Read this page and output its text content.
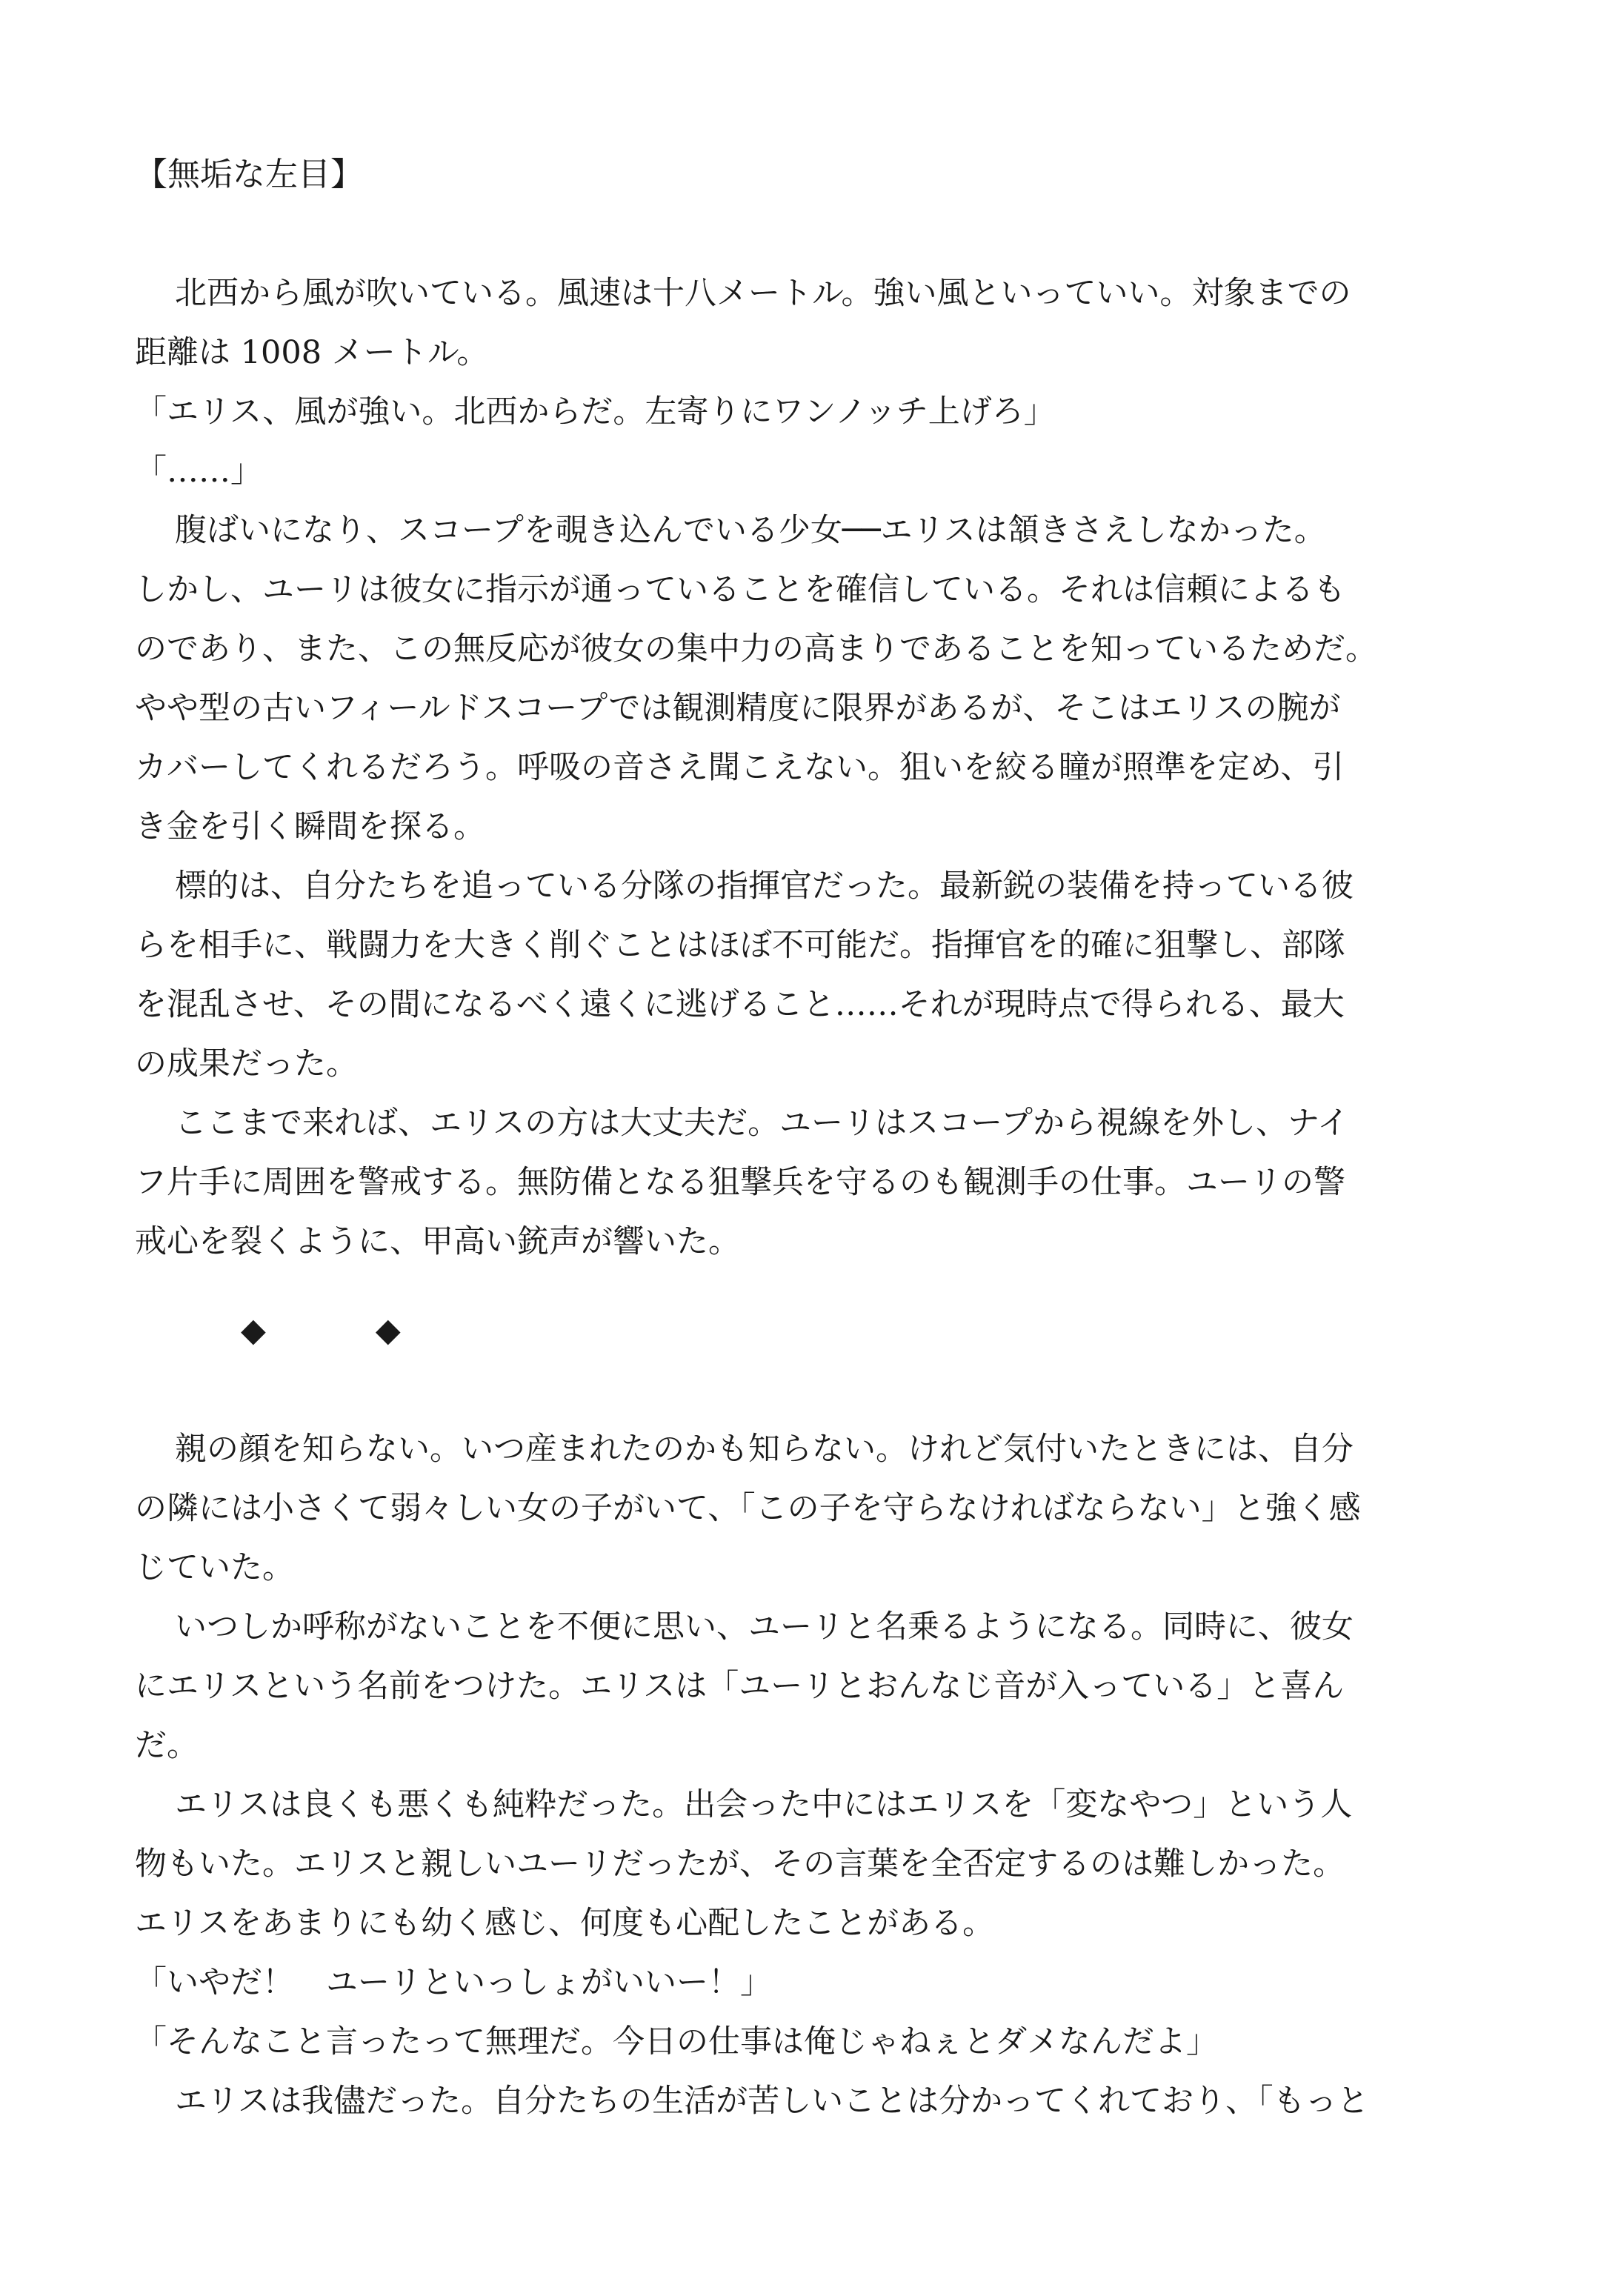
【無垢な左目】
北西から風が吹いている。風速は十八メートル。強い風といっていい。対象までの
距離は 1008 メートル。
「エリス、風が強い。北西からだ。左寄りにワンノッチ上げろ」
「……」
腹ばいになり、スコープを覗き込んでいる少女──エリスは頷きさえしなかった。
しかし、ユーリは彼女に指示が通っていることを確信している。それは信頼によるも
のであり、また、この無反応が彼女の集中力の高まりであることを知っているためだ。
やや型の古いフィールドスコープでは観測精度に限界があるが、そこはエリスの腕が
カバーしてくれるだろう。呼吸の音さえ聞こえない。狙いを絞る瞳が照準を定め、引
き金を引く瞬間を探る。
標的は、自分たちを追っている分隊の指揮官だった。最新鋭の装備を持っている彼
らを相手に、戦闘力を大きく削ぐことはほぼ不可能だ。指揮官を的確に狙撃し、部隊
を混乱させ、その間になるべく遠くに逃げること……それが現時点で得られる、最大
の成果だった。
ここまで来れば、エリスの方は大丈夫だ。ユーリはスコープから視線を外し、ナイ
フ片手に周囲を警戒する。無防備となる狙撃兵を守るのも観測手の仕事。ユーリの警
戒心を裂くように、甲高い銃声が響いた。
◆	◆
親の顔を知らない。いつ産まれたのかも知らない。けれど気付いたときには、自分
の隣には小さくて弱々しい女の子がいて、「この子を守らなければならない」と強く感
じていた。
いつしか呼称がないことを不便に思い、ユーリと名乗るようになる。同時に、彼女
にエリスという名前をつけた。エリスは「ユーリとおんなじ音が入っている」と喜ん
だ。
エリスは良くも悪くも純粋だった。出会った中にはエリスを「変なやつ」という人
物もいた。エリスと親しいユーリだったが、その言葉を全否定するのは難しかった。
エリスをあまりにも幼く感じ、何度も心配したことがある。
「いやだ！　ユーリといっしょがいいー！」
「そんなこと言ったって無理だ。今日の仕事は俺じゃねぇとダメなんだよ」
エリスは我儘だった。自分たちの生活が苦しいことは分かってくれており、「もっと
